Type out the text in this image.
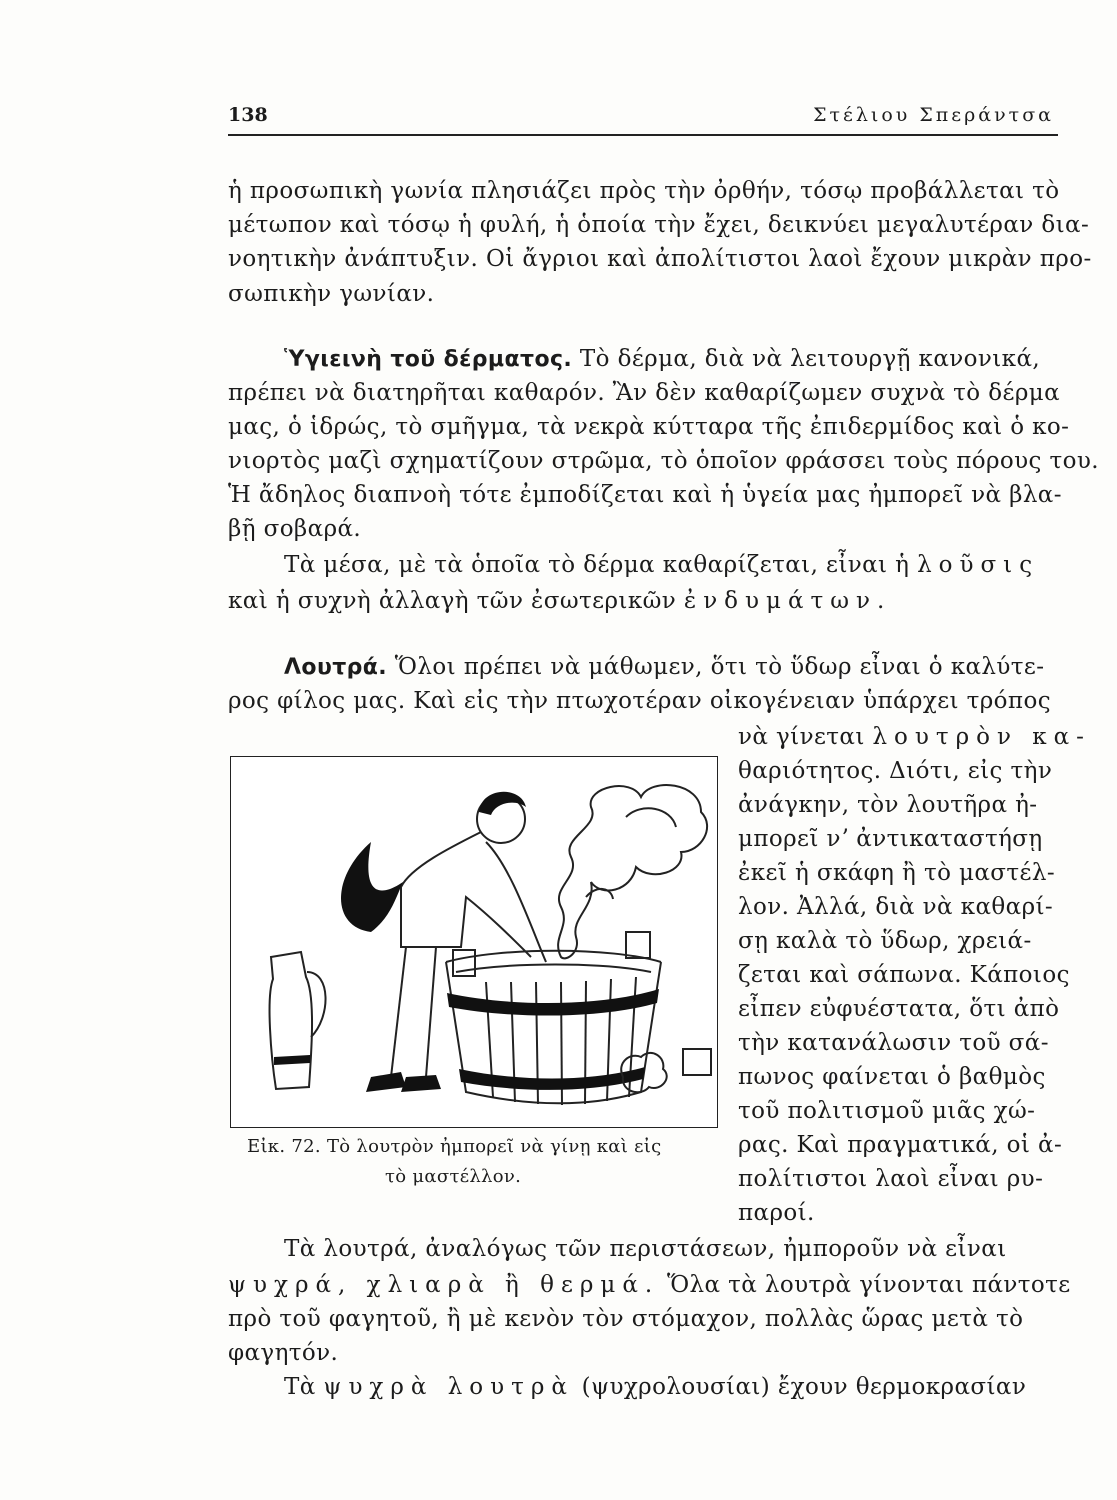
138	Στέλιου Σπεράντσα
ἡ προσωπικὴ γωνία πλησιάζει πρὸς τὴν ὀρθήν, τόσῳ προβάλλεται τὸ
μέτωπον καὶ τόσῳ ἡ φυλή, ἡ ὁποία τὴν ἔχει, δεικνύει μεγαλυτέραν δια-
νοητικὴν ἀνάπτυξιν. Οἱ ἄγριοι καὶ ἀπολίτιστοι λαοὶ ἔχουν μικρὰν προ-
σωπικὴν γωνίαν.
Ὑγιεινὴ τοῦ δέρματος. Τὸ δέρμα, διὰ νὰ λειτουργῇ κανονικά,
πρέπει νὰ διατηρῆται καθαρόν. Ἂν δὲν καθαρίζωμεν συχνὰ τὸ δέρμα
μας, ὁ ἱδρώς, τὸ σμῆγμα, τὰ νεκρὰ κύτταρα τῆς ἐπιδερμίδος καὶ ὁ κο-
νιορτὸς μαζὶ σχηματίζουν στρῶμα, τὸ ὁποῖον φράσσει τοὺς πόρους του.
Ἡ ἄδηλος διαπνοὴ τότε ἐμποδίζεται καὶ ἡ ὑγεία μας ἠμπορεῖ νὰ βλα-
βῇ σοβαρά.
Τὰ μέσα, μὲ τὰ ὁποῖα τὸ δέρμα καθαρίζεται, εἶναι ἡ λοῦσις
καὶ ἡ συχνὴ ἀλλαγὴ τῶν ἐσωτερικῶν ἐνδυμάτων.
Λουτρά. Ὅλοι πρέπει νὰ μάθωμεν, ὅτι τὸ ὕδωρ εἶναι ὁ καλύτε-
ρος φίλος μας. Καὶ εἰς τὴν πτωχοτέραν οἰκογένειαν ὑπάρχει τρόπος
νὰ γίνεται λουτρὸν κα-
θαριότητος. Διότι, εἰς τὴν
ἀνάγκην, τὸν λουτῆρα ἠ-
μπορεῖ νʼ ἀντικαταστήσῃ
ἐκεῖ ἡ σκάφη ἢ τὸ μαστέλ-
λον. Ἀλλά, διὰ νὰ καθαρί-
σῃ καλὰ τὸ ὕδωρ, χρειά-
ζεται καὶ σάπωνα. Κάποιος
εἶπεν εὐφυέστατα, ὅτι ἀπὸ
τὴν κατανάλωσιν τοῦ σά-
πωνος φαίνεται ὁ βαθμὸς
τοῦ πολιτισμοῦ μιᾶς χώ-
ρας. Καὶ πραγματικά, οἱ ἀ-
πολίτιστοι λαοὶ εἶναι ρυ-
παροί.
Εἰκ. 72. Τὸ λουτρὸν ἠμπορεῖ νὰ γίνῃ καὶ εἰς
τὸ μαστέλλον.
Τὰ λουτρά, ἀναλόγως τῶν περιστάσεων, ἠμποροῦν νὰ εἶναι
ψυχρά, χλιαρὰ ἢ θερμά. Ὅλα τὰ λουτρὰ γίνονται πάντοτε
πρὸ τοῦ φαγητοῦ, ἢ μὲ κενὸν τὸν στόμαχον, πολλὰς ὥρας μετὰ τὸ
φαγητόν.
Τὰ ψυχρὰ λουτρὰ (ψυχρολουσίαι) ἔχουν θερμοκρασίαν
